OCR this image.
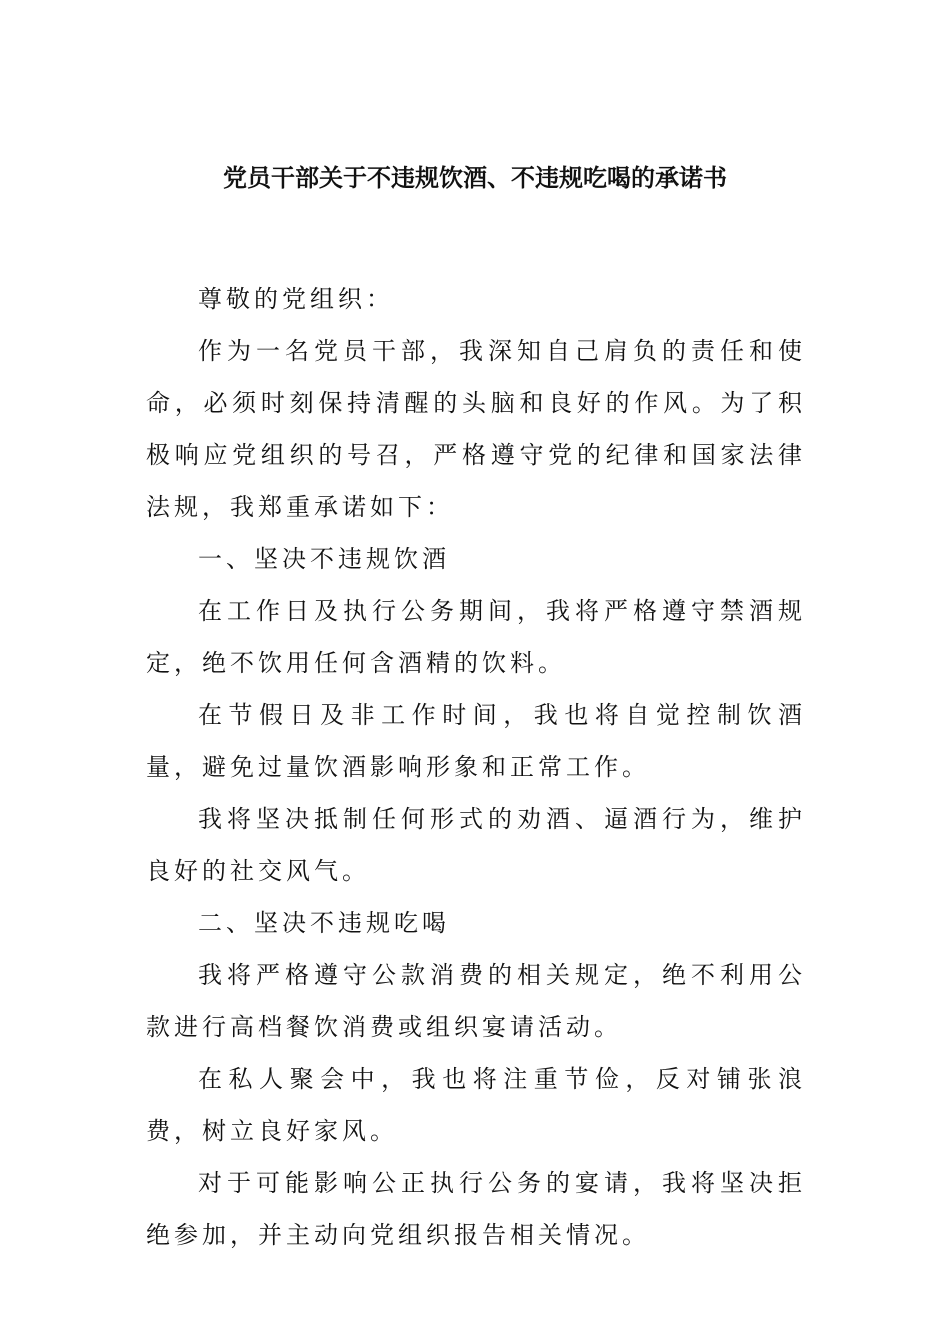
党员干部关于不违规饮酒、不违规吃喝的承诺书

尊敬的党组织：

作为一名党员干部，我深知自己肩负的责任和使命，必须时刻保持清醒的头脑和良好的作风。为了积极响应党组织的号召，严格遵守党的纪律和国家法律法规，我郑重承诺如下：

一、坚决不违规饮酒

在工作日及执行公务期间，我将严格遵守禁酒规定，绝不饮用任何含酒精的饮料。

在节假日及非工作时间，我也将自觉控制饮酒量，避免过量饮酒影响形象和正常工作。

我将坚决抵制任何形式的劝酒、逼酒行为，维护良好的社交风气。

二、坚决不违规吃喝

我将严格遵守公款消费的相关规定，绝不利用公款进行高档餐饮消费或组织宴请活动。

在私人聚会中，我也将注重节俭，反对铺张浪费，树立良好家风。

对于可能影响公正执行公务的宴请，我将坚决拒绝参加，并主动向党组织报告相关情况。
